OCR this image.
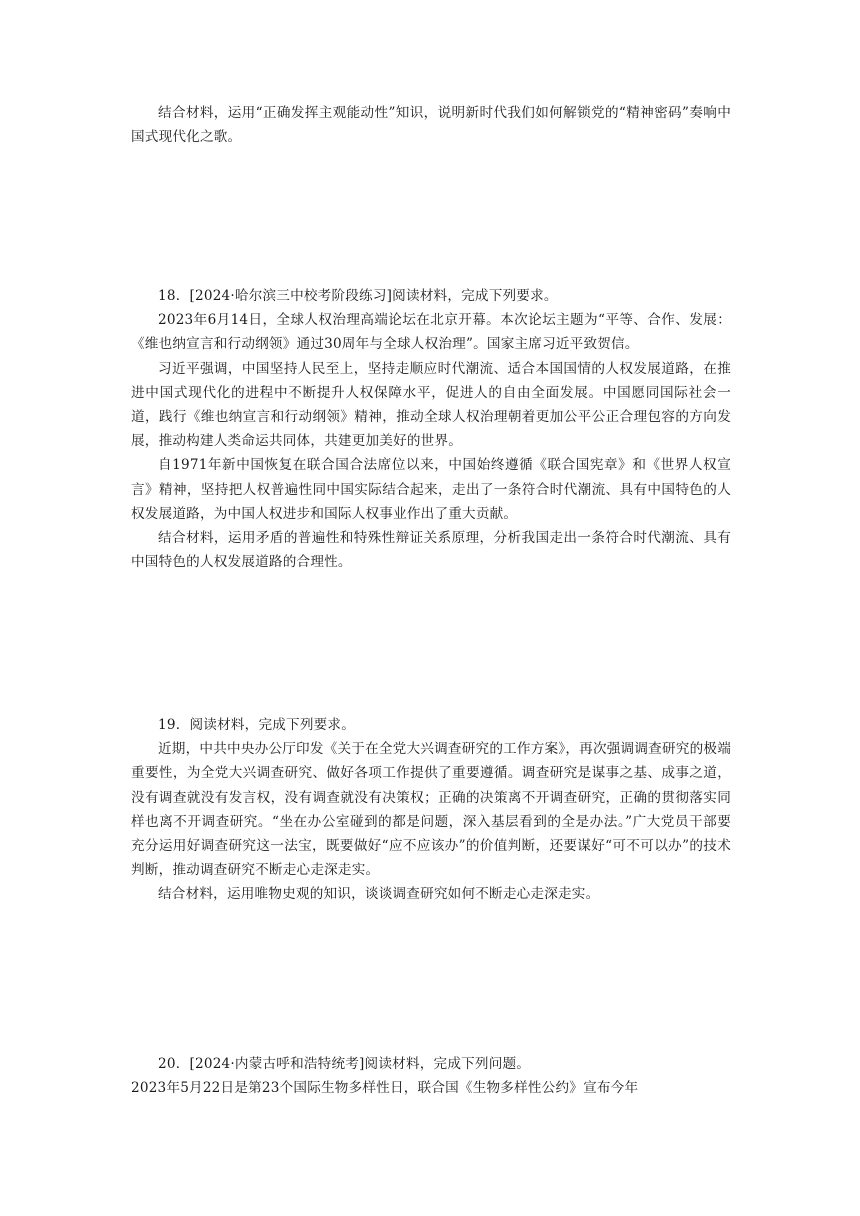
结合材料，运用“正确发挥主观能动性”知识，说明新时代我们如何解锁党的“精神密码”奏响中国式现代化之歌。

18．[2024·哈尔滨三中校考阶段练习]阅读材料，完成下列要求。

2023年6月14日，全球人权治理高端论坛在北京开幕。本次论坛主题为“平等、合作、发展：《维也纳宣言和行动纲领》通过30周年与全球人权治理”。国家主席习近平致贺信。

习近平强调，中国坚持人民至上，坚持走顺应时代潮流、适合本国国情的人权发展道路，在推进中国式现代化的进程中不断提升人权保障水平，促进人的自由全面发展。中国愿同国际社会一道，践行《维也纳宣言和行动纲领》精神，推动全球人权治理朝着更加公平公正合理包容的方向发展，推动构建人类命运共同体，共建更加美好的世界。

自1971年新中国恢复在联合国合法席位以来，中国始终遵循《联合国宪章》和《世界人权宣言》精神，坚持把人权普遍性同中国实际结合起来，走出了一条符合时代潮流、具有中国特色的人权发展道路，为中国人权进步和国际人权事业作出了重大贡献。

结合材料，运用矛盾的普遍性和特殊性辩证关系原理，分析我国走出一条符合时代潮流、具有中国特色的人权发展道路的合理性。

19．阅读材料，完成下列要求。

近期，中共中央办公厅印发《关于在全党大兴调查研究的工作方案》，再次强调调查研究的极端重要性，为全党大兴调查研究、做好各项工作提供了重要遵循。调查研究是谋事之基、成事之道，没有调查就没有发言权，没有调查就没有决策权；正确的决策离不开调查研究，正确的贯彻落实同样也离不开调查研究。“坐在办公室碰到的都是问题，深入基层看到的全是办法。”广大党员干部要充分运用好调查研究这一法宝，既要做好“应不应该办”的价值判断，还要谋好“可不可以办”的技术判断，推动调查研究不断走心走深走实。

结合材料，运用唯物史观的知识，谈谈调查研究如何不断走心走深走实。

20．[2024·内蒙古呼和浩特统考]阅读材料，完成下列问题。

2023年5月22日是第23个国际生物多样性日，联合国《生物多样性公约》宣布今年
